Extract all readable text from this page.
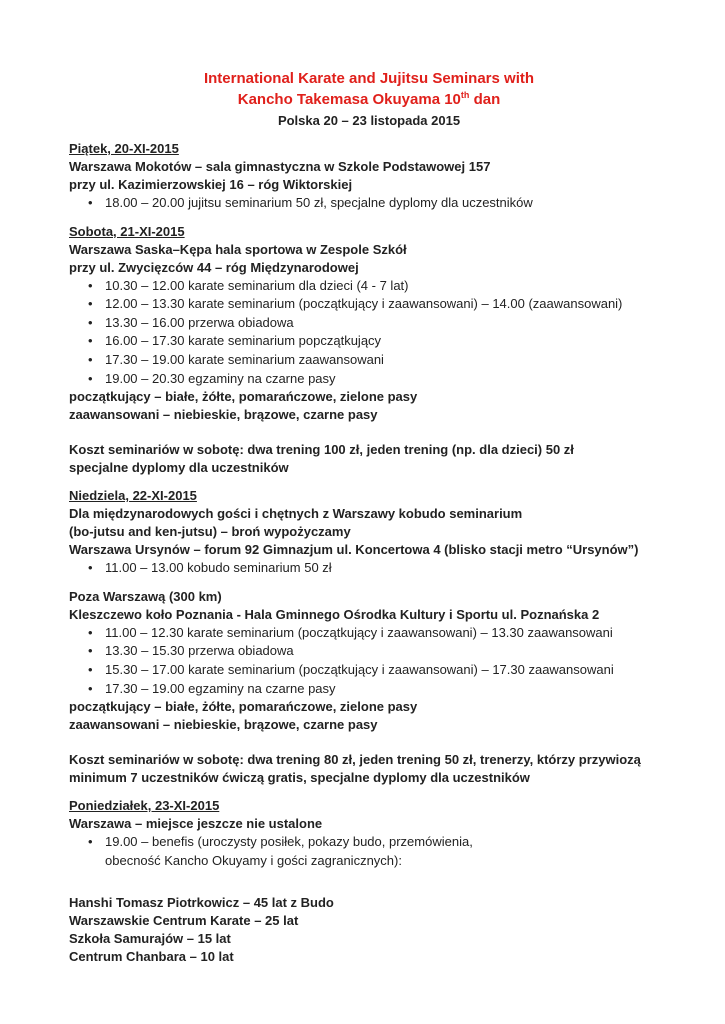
International Karate and Jujitsu Seminars with
Kancho Takemasa Okuyama 10th dan
Polska 20 – 23 listopada 2015
Piątek, 20-XI-2015
Warszawa Mokotów – sala gimnastyczna w Szkole Podstawowej 157
przy ul. Kazimierzowskiej 16 – róg Wiktorskiej
• 18.00 – 20.00 jujitsu seminarium 50 zł, specjalne dyplomy dla uczestników
Sobota, 21-XI-2015
Warszawa Saska–Kępa hala sportowa w Zespole Szkół
przy ul. Zwycięzców 44 – róg Międzynarodowej
• 10.30 – 12.00 karate seminarium dla dzieci (4 - 7 lat)
• 12.00 – 13.30 karate seminarium (początkujący i zaawansowani) – 14.00 (zaawansowani)
• 13.30 – 16.00 przerwa obiadowa
• 16.00 – 17.30 karate seminarium popczątkujący
• 17.30 – 19.00 karate seminarium zaawansowani
• 19.00 – 20.30 egzaminy na czarne pasy
początkujący – białe, żółte, pomarańczowe, zielone pasy
zaawansowani – niebieskie, brązowe, czarne pasy
Koszt seminariów w sobotę: dwa trening 100 zł, jeden trening (np. dla dzieci) 50 zł
specjalne dyplomy dla uczestników
Niedziela, 22-XI-2015
Dla międzynarodowych gości i chętnych z Warszawy kobudo seminarium
(bo-jutsu and ken-jutsu) – broń wypożyczamy
Warszawa Ursynów – forum 92 Gimnazjum ul. Koncertowa 4 (blisko stacji metro “Ursynów”)
• 11.00 – 13.00 kobudo seminarium 50 zł
Poza Warszawą (300 km)
Kleszczewo koło Poznania - Hala Gminnego Ośrodka Kultury i Sportu ul. Poznańska 2
• 11.00 – 12.30 karate seminarium (początkujący i zaawansowani) – 13.30 zaawansowani
• 13.30 – 15.30 przerwa obiadowa
• 15.30 – 17.00 karate seminarium (początkujący i zaawansowani) – 17.30 zaawansowani
• 17.30 – 19.00 egzaminy na czarne pasy
początkujący – białe, żółte, pomarańczowe, zielone pasy
zaawansowani – niebieskie, brązowe, czarne pasy
Koszt seminariów w sobotę: dwa trening 80 zł, jeden trening 50 zł, trenerzy, którzy przywiozą
minimum 7 uczestników ćwiczą gratis, specjalne dyplomy dla uczestników
Poniedziałek, 23-XI-2015
Warszawa – miejsce jeszcze nie ustalone
• 19.00 – benefis (uroczysty posiłek, pokazy budo, przemówienia,
obecność Kancho Okuyamy i gości zagranicznych):
Hanshi Tomasz Piotrkowicz – 45 lat z Budo
Warszawskie Centrum Karate – 25 lat
Szkoła Samurajów – 15 lat
Centrum Chanbara – 10 lat
